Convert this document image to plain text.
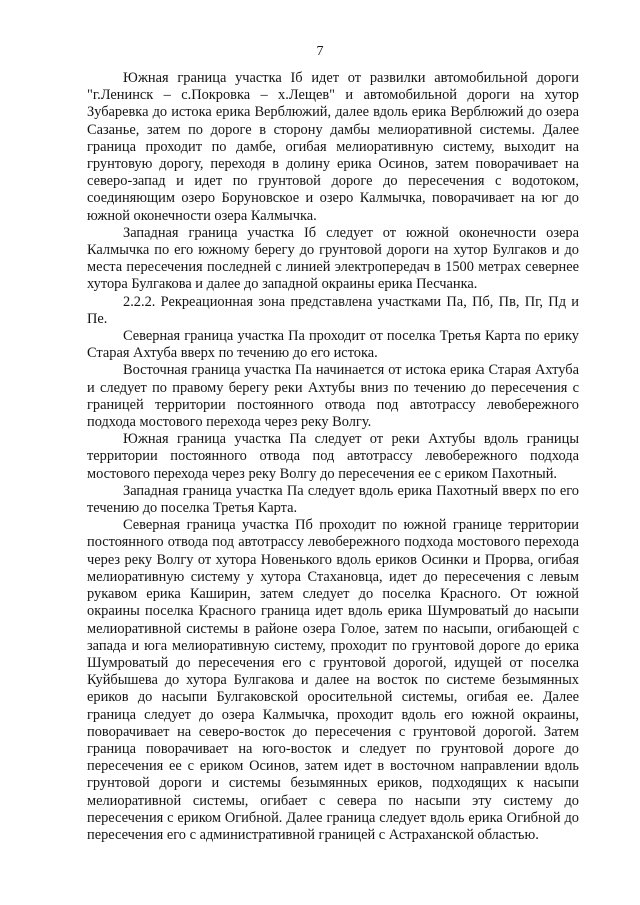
7

Южная граница участка Іб идет от развилки автомобильной дороги "г.Ленинск – с.Покровка – х.Лещев" и автомобильной дороги на хутор Зубаревка до истока ерика Верблюжий, далее вдоль ерика Верблюжий до озера Сазанье, затем по дороге в сторону дамбы мелиоративной системы. Далее граница проходит по дамбе, огибая мелиоративную систему, выходит на грунтовую дорогу, переходя в долину ерика Осинов, затем поворачивает на северо-запад и идет по грунтовой дороге до пересечения с водотоком, соединяющим озеро Боруновское и озеро Калмычка, поворачивает на юг до южной оконечности озера Калмычка.

Западная граница участка Іб следует от южной оконечности озера Калмычка по его южному берегу до грунтовой дороги на хутор Булгаков и до места пересечения последней с линией электропередач в 1500 метрах севернее хутора Булгакова и далее до западной окраины ерика Песчанка.

2.2.2. Рекреационная зона представлена участками Па, Пб, Пв, Пг, Пд и Пе.

Северная граница участка Па проходит от поселка Третья Карта по ерику Старая Ахтуба вверх по течению до его истока.

Восточная граница участка Па начинается от истока ерика Старая Ахтуба и следует по правому берегу реки Ахтубы вниз по течению до пересечения с границей территории постоянного отвода под автотрассу левобережного подхода мостового перехода через реку Волгу.

Южная граница участка Па следует от реки Ахтубы вдоль границы территории постоянного отвода под автотрассу левобережного подхода мостового перехода через реку Волгу до пересечения ее с ериком Пахотный.

Западная граница участка Па следует вдоль ерика Пахотный вверх по его течению до поселка Третья Карта.

Северная граница участка Пб проходит по южной границе территории постоянного отвода под автотрассу левобережного подхода мостового перехода через реку Волгу от хутора Новенького вдоль ериков Осинки и Прорва, огибая мелиоративную систему у хутора Стахановца, идет до пересечения с левым рукавом ерика Каширин, затем следует до поселка Красного. От южной окраины поселка Красного граница идет вдоль ерика Шумроватый до насыпи мелиоративной системы в районе озера Голое, затем по насыпи, огибающей с запада и юга мелиоративную систему, проходит по грунтовой дороге до ерика Шумроватый до пересечения его с грунтовой дорогой, идущей от поселка Куйбышева до хутора Булгакова и далее на восток по системе безымянных ериков до насыпи Булгаковской оросительной системы, огибая ее. Далее граница следует до озера Калмычка, проходит вдоль его южной окраины, поворачивает на северо-восток до пересечения с грунтовой дорогой. Затем граница поворачивает на юго-восток и следует по грунтовой дороге до пересечения ее с ериком Осинов, затем идет в восточном направлении вдоль грунтовой дороги и системы безымянных ериков, подходящих к насыпи мелиоративной системы, огибает с севера по насыпи эту систему до пересечения с ериком Огибной. Далее граница следует вдоль ерика Огибной до пересечения его с административной границей с Астраханской областью.
